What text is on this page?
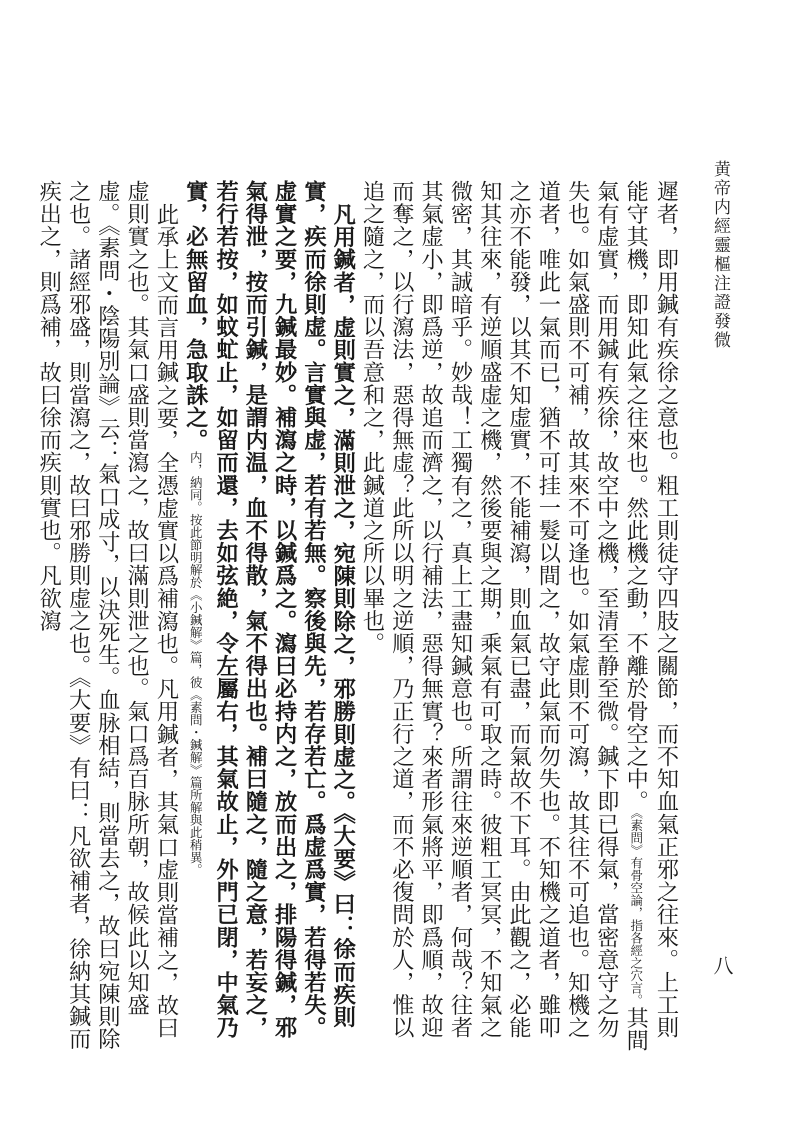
黄帝内經靈樞注證發微
八

遲者，即用鍼有疾徐之意也。粗工則徒守四肢之關節，而不知血氣正邪之往來。上工則能守其機，即知此氣之往來也。然此機之動，不離於骨空之中。《素問》有骨空論，指各經之穴言。其間氣有虚實，而用鍼有疾徐，故空中之機，至清至静至微。鍼下即已得氣，當密意守之勿失也。如氣盛則不可補，故其來不可逢也。如氣虚則不可瀉，故其往不可追也。知機之道者，唯此一氣而已，猶不可挂一髮以間之，故守此氣而勿失也。不知機之道者，雖叩之亦不能發，以其不知虚實，不能補瀉，則血氣已盡，而氣故不下耳。由此觀之，必能知其往來，有逆順盛虚之機，然後要與之期，乘氣有可取之時。彼粗工冥冥，不知氣之微密，其誠暗乎。妙哉！工獨有之，真上工盡知鍼意也。所謂往來逆順者，何哉？往者其氣虚小，即爲逆，故追而濟之，以行補法，惡得無實？來者形氣將平，即爲順，故迎而奪之，以行瀉法，惡得無虚？此所以明之逆順，乃正行之道，而不必復問於人，惟以追之隨之，而以吾意和之，此鍼道之所以畢也。

凡用鍼者，虚則實之，滿則泄之，宛陳則除之，邪勝則虚之。《大要》曰：徐而疾則實，疾而徐則虚。言實與虚，若有若無。察後與先，若存若亡。爲虚爲實，若得若失。虚實之要，九鍼最妙。補瀉之時，以鍼爲之。瀉曰必持内之，放而出之，排陽得鍼，邪氣得泄，按而引鍼，是謂内温，血不得散，氣不得出也。補曰隨之，隨之意，若妄之，若行若按，如蚊虻止，如留而還，去如弦絶，令左屬右，其氣故止，外門已閉，中氣乃實，必無留血，急取誅之。内，納同。按此節明解於《小鍼解》篇，彼《素問・鍼解》篇所解與此稍異。

此承上文而言用鍼之要，全憑虚實以爲補瀉也。凡用鍼者，其氣口虚則當補之，故曰虚則實之也。其氣口盛則當瀉之，故曰滿則泄之也。氣口爲百脉所朝，故候此以知盛虚。《素問・陰陽別論》云：氣口成寸，以決死生。血脉相結，則當去之，故曰宛陳則除之也。諸經邪盛，則當瀉之，故曰邪勝則虚之也。《大要》有曰：凡欲補者，徐納其鍼而疾出之，則爲補，故曰徐而疾則實也。凡欲瀉
